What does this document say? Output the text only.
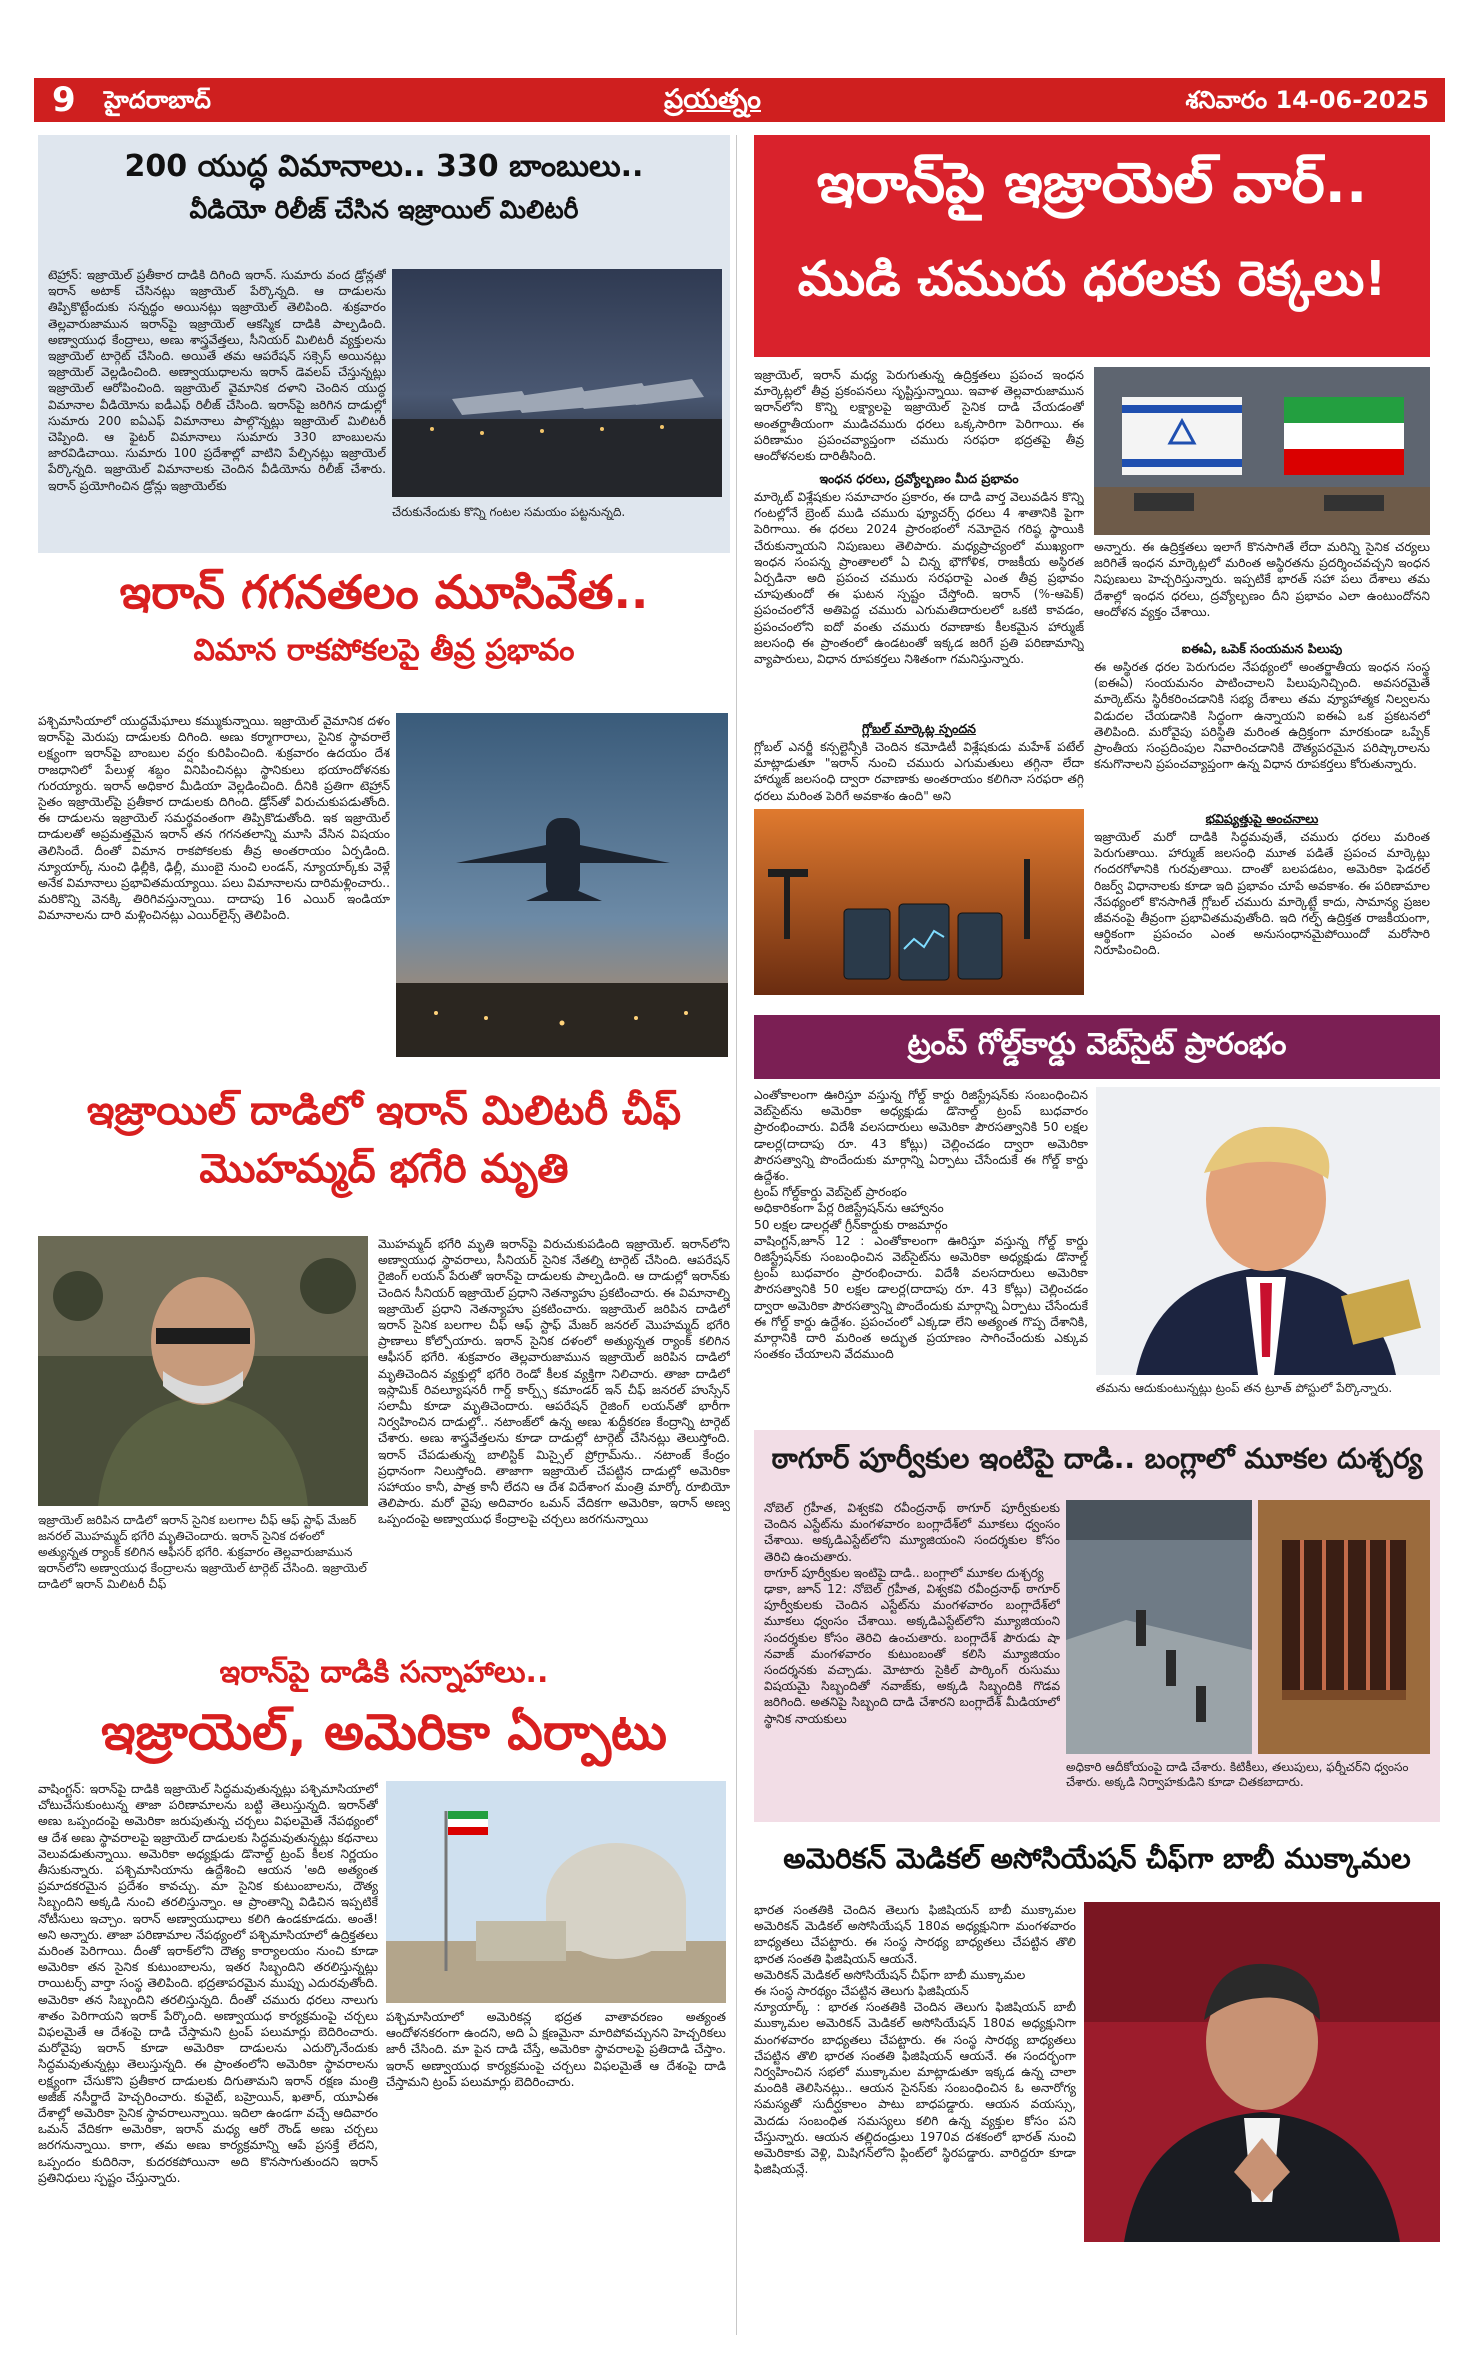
9 హైదరాబాద్	ప్రయత్నం	శనివారం 14-06-2025
200 యుద్ధ విమానాలు.. 330 బాంబులు..
వీడియో రిలీజ్ చేసిన ఇజ్రాయిల్ మిలిటరీ
టెహ్రాన్: ఇజ్రాయెల్ ప్రతీకార దాడికి దిగింది ఇరాన్. సుమారు వంద డ్రోన్లతో ఇరాన్ అటాక్ చేసినట్లు ఇజ్రాయెల్ పేర్కొన్నది. ఆ దాడులను తిప్పికొట్టేందుకు సన్నద్ధం అయినట్లు ఇజ్రాయెల్ తెలిపింది. శుక్రవారం తెల్లవారుజామున ఇరాన్‌పై ఇజ్రాయెల్ ఆకస్మిక దాడికి పాల్పడింది. అణ్వాయుధ కేంద్రాలు, అణు శాస్త్రవేత్తలు, సీనియర్ మిలిటరీ వ్యక్తులను ఇజ్రాయెల్ టార్గెట్ చేసింది. అయితే తమ ఆపరేషన్ సక్సెస్ అయినట్లు ఇజ్రాయెల్ వెల్లడించింది. అణ్వాయుధాలను ఇరాన్ డెవలప్ చేస్తున్నట్లు ఇజ్రాయెల్ ఆరోపించింది. ఇజ్రాయెల్ వైమానిక దళాని చెందిన యుద్ధ విమానాల వీడియోను ఐడీఎఫ్ రిలీజ్ చేసింది. ఇరాన్‌పై జరిగిన దాడుల్లో సుమారు 200 ఐఏఎఫ్ విమానాలు పాల్గొన్నట్లు ఇజ్రాయెల్ మిలిటరీ చెప్పింది. ఆ ఫైటర్ విమానాలు సుమారు 330 బాంబులను జారవిడిచాయి. సుమారు 100 ప్రదేశాల్లో వాటిని పేల్చినట్లు ఇజ్రాయెల్ పేర్కొన్నది. ఇజ్రాయెల్ విమానాలకు చెందిన వీడియోను రిలీజ్ చేశారు. ఇరాన్ ప్రయోగించిన డ్రోన్లు ఇజ్రాయెల్‌కు
చేరుకునేందుకు కొన్ని గంటల సమయం పట్టనున్నది.
ఇరాన్ గగనతలం మూసివేత..
విమాన రాకపోకలపై తీవ్ర ప్రభావం
పశ్చిమాసియాలో యుద్ధమేఘాలు కమ్ముకున్నాయి. ఇజ్రాయెల్ వైమానిక దళం ఇరాన్‌పై మెరుపు దాడులకు దిగింది. అణు కర్మాగారాలు, సైనిక స్థావరాలే లక్ష్యంగా ఇరాన్‌పై బాంబుల వర్షం కురిపించింది. శుక్రవారం ఉదయం దేశ రాజధానిలో పేలుళ్ల శబ్దం వినిపించినట్లు స్థానికులు భయాందోళనకు గురయ్యారు. ఇరాన్ అధికార మీడియా వెల్లడించింది. దీనికి ప్రతిగా టెహ్రాన్ సైతం ఇజ్రాయెల్‌పై ప్రతీకార దాడులకు దిగింది. డ్రోన్‌తో విరుచుకుపడుతోంది. ఈ దాడులను ఇజ్రాయెల్ సమర్థవంతంగా తిప్పికొడుతోంది. ఇక ఇజ్రాయెల్ దాడులతో అప్రమత్తమైన ఇరాన్ తన గగనతలాన్ని మూసి వేసిన విషయం తెలిసిందే. దీంతో విమాన రాకపోకలకు తీవ్ర అంతరాయం ఏర్పడింది. న్యూయార్క్ నుంచి ఢిల్లీకి, ఢిల్లీ, ముంబై నుంచి లండన్, న్యూయార్క్‌కు వెళ్లే అనేక విమానాలు ప్రభావితమయ్యాయి. పలు విమానాలను దారిమళ్లించారు.. మరికొన్ని వెనక్కి తిరిగివస్తున్నాయి. దాదాపు 16 ఎయిర్ ఇండియా విమానాలను దారి మళ్లించినట్లు ఎయిర్‌లైన్స్ తెలిపింది.
ఇజ్రాయిల్ దాడిలో ఇరాన్ మిలిటరీ చీఫ్
మొహమ్మద్ భగేరి మృతి
ఇజ్రాయెల్ జరిపిన దాడిలో ఇరాన్ సైనిక బలగాల చీఫ్ ఆఫ్ స్టాఫ్ మేజర్ జనరల్ మొహమ్మద్ భగేరి మృతిచెందారు. ఇరాన్ సైనిక దళంలో అత్యున్నత ర్యాంక్ కలిగిన ఆఫీసర్ భగేరి. శుక్రవారం తెల్లవారుజామున ఇరాన్‌లోని అణ్వాయుధ కేంద్రాలను ఇజ్రాయెల్ టార్గెట్ చేసింది. ఇజ్రాయెల్ దాడిలో ఇరాన్ మిలిటరీ చీఫ్
మొహమ్మద్ భగేరి మృతి ఇరాన్‌పై విరుచుకుపడింది ఇజ్రాయెల్. ఇరాన్‌లోని అణ్వాయుధ స్థావరాలు, సీనియర్ సైనిక నేతల్ని టార్గెట్ చేసింది. ఆపరేషన్ రైజింగ్ లయన్ పేరుతో ఇరాన్‌పై దాడులకు పాల్పడింది. ఆ దాడుల్లో ఇరాన్‌కు చెందిన సీనియర్ ఇజ్రాయెల్ ప్రధాని నెతన్యాహు ప్రకటించారు. ఈ విమానాల్ని ఇజ్రాయెల్ ప్రధాని నెతన్యాహు ప్రకటించారు. ఇజ్రాయెల్ జరిపిన దాడిలో ఇరాన్ సైనిక బలగాల చీఫ్ ఆఫ్ స్టాఫ్ మేజర్ జనరల్ మొహమ్మద్ భగేరి ప్రాణాలు కోల్పోయారు. ఇరాన్ సైనిక దళంలో అత్యున్నత ర్యాంక్ కలిగిన ఆఫీసర్ భగేరి. శుక్రవారం తెల్లవారుజామున ఇజ్రాయెల్ జరిపిన దాడిలో మృతిచెందిన వ్యక్తుల్లో భగేరి రెండో కీలక వ్యక్తిగా నిలిచారు. తాజా దాడిలో ఇస్లామిక్ రివల్యూషనరీ గార్డ్ కార్ప్స్ కమాండర్ ఇన్ చీఫ్ జనరల్ హుస్సేన్ సలామీ కూడా మృతిచెందారు. ఆపరేషన్ రైజింగ్ లయన్‌తో భారీగా నిర్వహించిన దాడుల్లో.. నటాంజ్‌లో ఉన్న అణు శుద్ధీకరణ కేంద్రాన్ని టార్గెట్ చేశారు. అణు శాస్త్రవేత్తలను కూడా దాడుల్లో టార్గెట్ చేసినట్లు తెలుస్తోంది. ఇరాన్ చేపడుతున్న బాలిస్టిక్ మిస్సైల్ ప్రోగ్రామ్‌ను.. నటాంజ్ కేంద్రం ప్రధానంగా నిలుస్తోంది. తాజాగా ఇజ్రాయెల్ చేపట్టిన దాడుల్లో అమెరికా సహాయం కానీ, పాత్ర కానీ లేదని ఆ దేశ విదేశాంగ మంత్రి మార్కో రూబియో తెలిపారు. మరో వైపు అదివారం ఒమన్ వేదికగా అమెరికా, ఇరాన్ అణ్వ ఒప్పందంపై అణ్వాయుధ కేంద్రాలపై చర్చలు జరగనున్నాయి
ఇరాన్‌పై దాడికి సన్నాహాలు..
ఇజ్రాయెల్, అమెరికా ఏర్పాటు
వాషింగ్టన్: ఇరాన్‌పై దాడికి ఇజ్రాయెల్ సిద్ధమవుతున్నట్లు పశ్చిమాసియాలో చోటుచేసుకుంటున్న తాజా పరిణామాలను బట్టి తెలుస్తున్నది. ఇరాన్‌తో అణు ఒప్పందంపై అమెరికా జరుపుతున్న చర్చలు విఫలమైతే నేపథ్యంలో ఆ దేశ అణు స్థావరాలపై ఇజ్రాయెల్ దాడులకు సిద్ధమవుతున్నట్లు కథనాలు వెలువడుతున్నాయి. అమెరికా అధ్యక్షుడు డొనాల్డ్ ట్రంప్ కీలక నిర్ణయం తీసుకున్నారు. పశ్చిమాసియాను ఉద్దేశించి ఆయన 'అది అత్యంత ప్రమాదకరమైన ప్రదేశం కావచ్చు. మా సైనిక కుటుంబాలను, దౌత్య సిబ్బందిని అక్కడి నుంచి తరలిస్తున్నాం. ఆ ప్రాంతాన్ని విడిచిన ఇప్పటికే నోటీసులు ఇచ్చాం. ఇరాన్ అణ్వాయుధాలు కలిగి ఉండకూడదు. అంతే! అని అన్నారు. తాజా పరిణామాల నేపథ్యంలో పశ్చిమాసియాలో ఉద్రిక్తతలు మరింత పెరిగాయి. దీంతో ఇరాక్‌లోని దౌత్య కార్యాలయం నుంచి కూడా అమెరికా తన సైనిక కుటుంబాలను, ఇతర సిబ్బందిని తరలిస్తున్నట్లు రాయిటర్స్ వార్తా సంస్థ తెలిపింది. భద్రతాపరమైన ముప్పు ఎదురవుతోంది. అమెరికా తన సిబ్బందిని తరలిస్తున్నది. దీంతో చమురు ధరలు నాలుగు శాతం పెరిగాయని ఇరాక్ పేర్కొంది. అణ్వాయుధ కార్యక్రమంపై చర్చలు విఫలమైతే ఆ దేశంపై దాడి చేస్తామని ట్రంప్ పలుమార్లు బెదిరించారు. మరోవైపు ఇరాన్ కూడా అమెరికా దాడులను ఎదుర్కొనేందుకు సిద్ధమవుతున్నట్లు తెలుస్తున్నది. ఈ ప్రాంతంలోని అమెరికా స్థావరాలను లక్ష్యంగా చేసుకొని ప్రతీకార దాడులకు దిగుతామని ఇరాన్ రక్షణ మంత్రి అజీజ్ నసీర్జాదే హెచ్చరించారు. కువైట్, బహ్రెయిన్, ఖతార్, యూఏఈ దేశాల్లో అమెరికా సైనిక స్థావరాలున్నాయి. ఇదిలా ఉండగా వచ్చే ఆదివారం ఒమన్ వేదికగా అమెరికా, ఇరాన్ మధ్య ఆరో రౌండ్ అణు చర్చలు జరగనున్నాయి. కాగా, తమ అణు కార్యక్రమాన్ని ఆపే ప్రసక్తే లేదని, ఒప్పందం కుదిరినా, కుదరకపోయినా అది కొనసాగుతుందని ఇరాన్ ప్రతినిధులు స్పష్టం చేస్తున్నారు.
పశ్చిమాసియాలో అమెరికన్ల భద్రత వాతావరణం అత్యంత ఆందోళనకరంగా ఉందని, అది ఏ క్షణమైనా మారిపోవచ్చునని హెచ్చరికలు జారీ చేసింది. మా పైన దాడి చేస్తే, అమెరికా స్థావరాలపై ప్రతిదాడి చేస్తాం. ఇరాన్ అణ్వాయుధ కార్యక్రమంపై చర్చలు విఫలమైతే ఆ దేశంపై దాడి చేస్తామని ట్రంప్ పలుమార్లు బెదిరించారు.
ఇరాన్‌పై ఇజ్రాయెల్ వార్..
ముడి చమురు ధరలకు రెక్కలు!
ఇజ్రాయెల్, ఇరాన్ మధ్య పెరుగుతున్న ఉద్రిక్తతలు ప్రపంచ ఇంధన మార్కెట్లలో తీవ్ర ప్రకంపనలు సృష్టిస్తున్నాయి. ఇవాళ తెల్లవారుజామున ఇరాన్‌లోని కొన్ని లక్ష్యాలపై ఇజ్రాయెల్ సైనిక దాడి చేయడంతో అంతర్జాతీయంగా ముడిచమురు ధరలు ఒక్కసారిగా పెరిగాయి. ఈ పరిణామం ప్రపంచవ్యాప్తంగా చమురు సరఫరా భద్రతపై తీవ్ర ఆందోళనలకు దారితీసింది.
ఇంధన ధరలు, ద్రవ్యోల్బణం మీద ప్రభావం
మార్కెట్ విశ్లేషకుల సమాచారం ప్రకారం, ఈ దాడి వార్త వెలువడిన కొన్ని గంటల్లోనే బ్రెంట్ ముడి చమురు ఫ్యూచర్స్ ధరలు 4 శాతానికి పైగా పెరిగాయి. ఈ ధరలు 2024 ప్రారంభంలో నమోదైన గరిష్ఠ స్థాయికి చేరుకున్నాయని నిపుణులు తెలిపారు. మధ్యప్రాచ్యంలో ముఖ్యంగా ఇంధన సంపన్న ప్రాంతాలలో ఏ చిన్న భౌగోళిక, రాజకీయ అస్థిరత ఏర్పడినా అది ప్రపంచ చమురు సరఫరాపై ఎంత తీవ్ర ప్రభావం చూపుతుందో ఈ ఘటన స్పష్టం చేస్తోంది. ఇరాన్ (%-ఆపెక్) ప్రపంచంలోనే అతిపెద్ద చమురు ఎగుమతిదారులలో ఒకటి కావడం, ప్రపంచంలోని ఐదో వంతు చమురు రవాణాకు కీలకమైన హార్ముజ్ జలసంధి ఈ ప్రాంతంలో ఉండటంతో ఇక్కడ జరిగే ప్రతి పరిణామాన్ని వ్యాపారులు, విధాన రూపకర్తలు నిశితంగా గమనిస్తున్నారు.
గ్లోబల్ మార్కెట్ల స్పందన
గ్లోబల్ ఎనర్జీ కన్సల్టెన్సీకి చెందిన కమోడిటీ విశ్లేషకుడు మహేశ్ పటేల్ మాట్లాడుతూ "ఇరాన్ నుంచి చమురు ఎగుమతులు తగ్గినా లేదా హార్ముజ్ జలసంధి ద్వారా రవాణాకు అంతరాయం కలిగినా సరఫరా తగ్గి ధరలు మరింత పెరిగే అవకాశం ఉంది" అని
అన్నారు. ఈ ఉద్రిక్తతలు ఇలాగే కొనసాగితే లేదా మరిన్ని సైనిక చర్యలు జరిగితే ఇంధన మార్కెట్లలో మరింత అస్థిరతను ప్రదర్శించవచ్చని ఇంధన నిపుణులు హెచ్చరిస్తున్నారు. ఇప్పటికే భారత్ సహా పలు దేశాలు తమ దేశాల్లో ఇంధన ధరలు, ద్రవ్యోల్బణం దీని ప్రభావం ఎలా ఉంటుందోనని ఆందోళన వ్యక్తం చేశాయి.
ఐఈఏ, ఒపెక్ సంయమన పిలుపు
ఈ అస్థిరత ధరల పెరుగుదల నేపథ్యంలో అంతర్జాతీయ ఇంధన సంస్థ (ఐఈఏ) సంయమనం పాటించాలని పిలుపునిచ్చింది. అవసరమైతే మార్కెట్‌ను స్థిరీకరించడానికి సభ్య దేశాలు తమ వ్యూహాత్మక నిల్వలను విడుదల చేయడానికి సిద్ధంగా ఉన్నాయని ఐఈఏ ఒక ప్రకటనలో తెలిపింది. మరోవైపు పరిస్థితి మరింత ఉద్రిక్తంగా మారకుండా ఒప్పేక్ ప్రాంతీయ సంప్రదింపుల నివారించడానికి దౌత్యపరమైన పరిష్కారాలను కనుగొనాలని ప్రపంచవ్యాప్తంగా ఉన్న విధాన రూపకర్తలు కోరుతున్నారు.
భవిష్యత్తుపై అంచనాలు
ఇజ్రాయెల్ మరో దాడికి సిద్ధమవుతే, చమురు ధరలు మరింత పెరుగుతాయి. హార్ముజ్ జలసంధి మూత పడితే ప్రపంచ మార్కెట్లు గందరగోళానికి గురవుతాయి. దాంతో బలపడటం, అమెరికా ఫెడరల్ రిజర్వ్ విధానాలకు కూడా ఇది ప్రభావం చూపే అవకాశం. ఈ పరిణామాల నేపథ్యంలో కొనసాగితే గ్లోబల్ చమురు మార్కెట్టే కాదు, సామాన్య ప్రజల జీవనంపై తీవ్రంగా ప్రభావితమవుతోంది. ఇది గల్ఫ్ ఉద్రిక్తత రాజకీయంగా, ఆర్థికంగా ప్రపంచం ఎంత అనుసంధానమైపోయిందో మరోసారి నిరూపించింది.
ట్రంప్ గోల్డ్‌కార్డు వెబ్‌సైట్ ప్రారంభం
ఎంతోకాలంగా ఊరిస్తూ వస్తున్న గోల్డ్ కార్డు రిజిస్ట్రేషన్‌కు సంబంధించిన వెబ్‌సైట్‌ను అమెరికా అధ్యక్షుడు డొనాల్డ్ ట్రంప్ బుధవారం ప్రారంభించారు. విదేశీ వలసదారులు అమెరికా పౌరసత్వానికి 50 లక్షల డాలర్ల(దాదాపు రూ. 43 కోట్లు) చెల్లించడం ద్వారా అమెరికా పౌరసత్వాన్ని పొందేందుకు మార్గాన్ని ఏర్పాటు చేసేందుకే ఈ గోల్డ్ కార్డు ఉద్దేశం.
ట్రంప్ గోల్డ్‌కార్డు వెబ్‌సైట్ ప్రారంభం
అధికారికంగా పేర్ల రిజిస్ట్రేషన్‌ను ఆహ్వానం
50 లక్షల డాలర్లతో గ్రీన్‌కార్డుకు రాజమార్గం
వాషింగ్టన్,జూన్ 12 : ఎంతోకాలంగా ఊరిస్తూ వస్తున్న గోల్డ్ కార్డు రిజిస్ట్రేషన్‌కు సంబంధించిన వెబ్‌సైట్‌ను అమెరికా అధ్యక్షుడు డొనాల్డ్ ట్రంప్ బుధవారం ప్రారంభించారు. విదేశీ వలసదారులు అమెరికా పౌరసత్వానికి 50 లక్షల డాలర్ల(దాదాపు రూ. 43 కోట్లు) చెల్లించడం ద్వారా అమెరికా పౌరసత్వాన్ని పొందేందుకు మార్గాన్ని ఏర్పాటు చేసేందుకే ఈ గోల్డ్ కార్డు ఉద్దేశం. ప్రపంచంలో ఎక్కడా లేని అత్యంత గొప్ప దేశానికి, మార్గానికి దారి మరింత అద్భుత ప్రయాణం సాగించేందుకు ఎక్కువ సంతకం చేయాలని వేదముంది
తమను ఆదుకుంటున్నట్లు ట్రంప్ తన ట్రూత్ పోస్టులో పేర్కొన్నారు.
ఠాగూర్ పూర్వీకుల ఇంటిపై దాడి.. బంగ్లాలో మూకల దుశ్చర్య
నోబెల్ గ్రహీత, విశ్వకవి రవీంద్రనాథ్ ఠాగూర్ పూర్వీకులకు చెందిన ఎస్టేట్‌ను మంగళవారం బంగ్లాదేశ్‌లో మూకలు ధ్వంసం చేశాయి. అక్కడిఎస్టేట్‌లోని మ్యూజియంని సందర్శకుల కోసం తెరిచి ఉంచుతారు.
ఠాగూర్ పూర్వీకుల ఇంటిపై దాడి.. బంగ్లాలో మూకల దుశ్చర్య
ఢాకా, జూన్ 12: నోబెల్ గ్రహీత, విశ్వకవి రవీంద్రనాథ్ ఠాగూర్ పూర్వీకులకు చెందిన ఎస్టేట్‌ను మంగళవారం బంగ్లాదేశ్‌లో మూకలు ధ్వంసం చేశాయి. అక్కడిఎస్టేట్‌లోని మ్యూజియంని సందర్శకుల కోసం తెరిచి ఉంచుతారు. బంగ్లాదేశ్ పౌరుడు షా నవాజ్ మంగళవారం కుటుంబంతో కలిసి మ్యూజియం సందర్శనకు వచ్చాడు. మోటారు సైకిల్ పార్కింగ్ రుసుము విషయమై సిబ్బందితో నవాజ్‌కు, అక్కడి సిబ్బందికి గొడవ జరిగింది. అతనిపై సిబ్బంది దాడి చేశారని బంగ్లాదేశ్ మీడియాలో స్థానిక నాయకులు
అధికారి ఆదీకోయంపై దాడి చేశారు. కిటికీలు, తలుపులు, ఫర్నీచర్‌ని ధ్వంసం చేశారు. అక్కడి నిర్వాహకుడిని కూడా చితకబాదారు.
అమెరికన్ మెడికల్ అసోసియేషన్ చీఫ్‌గా బాబీ ముక్కామల
భారత సంతతికి చెందిన తెలుగు ఫిజిషియన్ బాబీ ముక్కామల అమెరికన్ మెడికల్ అసోసియేషన్ 180వ అధ్యక్షునిగా మంగళవారం బాధ్యతలు చేపట్టారు. ఈ సంస్థ సారథ్య బాధ్యతలు చేపట్టిన తొలి భారత సంతతి ఫిజిషియన్ ఆయనే.
అమెరికన్ మెడికల్ అసోసియేషన్ చీఫ్‌గా బాబీ ముక్కామల
ఈ సంస్థ సారథ్యం చేపట్టిన తెలుగు ఫిజిషియన్
న్యూయార్క్ : భారత సంతతికి చెందిన తెలుగు ఫిజిషియన్ బాబీ ముక్కామల అమెరికన్ మెడికల్ అసోసియేషన్ 180వ అధ్యక్షునిగా మంగళవారం బాధ్యతలు చేపట్టారు. ఈ సంస్థ సారథ్య బాధ్యతలు చేపట్టిన తొలి భారత సంతతి ఫిజిషియన్ ఆయనే. ఈ సందర్భంగా నిర్వహించిన సభలో ముక్కామల మాట్లాడుతూ ఇక్కడ ఉన్న చాలా మందికి తెలిసినట్లు.. ఆయన సైనస్‌కు సంబంధించిన ఓ అనారోగ్య సమస్యతో సుదీర్ఘకాలం పాటు బాధపడ్డారు. ఆయన వయస్సు, మెదడు సంబంధిత సమస్యలు కలిగి ఉన్న వ్యక్తుల కోసం పని చేస్తున్నారు. ఆయన తల్లిదండ్రులు 1970వ దశకంలో భారత్ నుంచి అమెరికాకు వెళ్లి, మిషిగన్‌లోని ఫ్లింట్‌లో స్థిరపడ్డారు. వారిద్దరూ కూడా ఫిజిషియన్లే.
